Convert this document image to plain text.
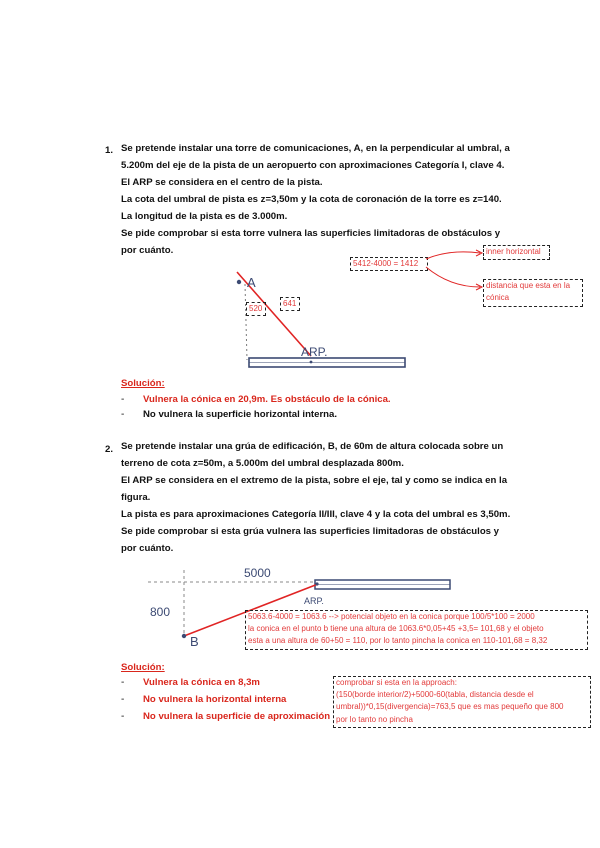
1. Se pretende instalar una torre de comunicaciones, A, en la perpendicular al umbral, a
5.200m del eje de la pista de un aeropuerto con aproximaciones Categoría I, clave 4.
El ARP se considera en el centro de la pista.
La cota del umbral de pista es z=3,50m y la cota de coronación de la torre es z=140.
La longitud de la pista es de 3.000m.
Se pide comprobar si esta torre vulnera las superficies limitadoras de obstáculos y
por cuánto.
A
ARP.
520
641
5412-4000 = 1412
inner horizontal
distancia que esta en la cónica
Solución:
- Vulnera la cónica en 20,9m. Es obstáculo de la cónica.
- No vulnera la superficie horizontal interna.
2. Se pretende instalar una grúa de edificación, B, de 60m de altura colocada sobre un
terreno de cota z=50m, a 5.000m del umbral desplazada 800m.
El ARP se considera en el extremo de la pista, sobre el eje, tal y como se indica en la
figura.
La pista es para aproximaciones Categoría II/III, clave 4 y la cota del umbral es 3,50m.
Se pide comprobar si esta grúa vulnera las superficies limitadoras de obstáculos y
por cuánto.
B
5000
800
ARP.
5063.6-4000 = 1063.6 --> potencial objeto en la conica porque 100/5*100 = 2000
la conica en el punto b tiene una altura de 1063.6*0,05+45 +3,5= 101,68 y el objeto
esta a una altura de 60+50 = 110, por lo tanto pincha la conica en 110-101,68 = 8,32
Solución:
- Vulnera la cónica en 8,3m
- No vulnera la horizontal interna
- No vulnera la superficie de aproximación
comprobar si esta en la approach:
(150(borde interior/2)+5000-60(tabla, distancia desde el
umbral))*0,15(divergencia)=763,5 que es mas pequeño que 800
por lo tanto no pincha
